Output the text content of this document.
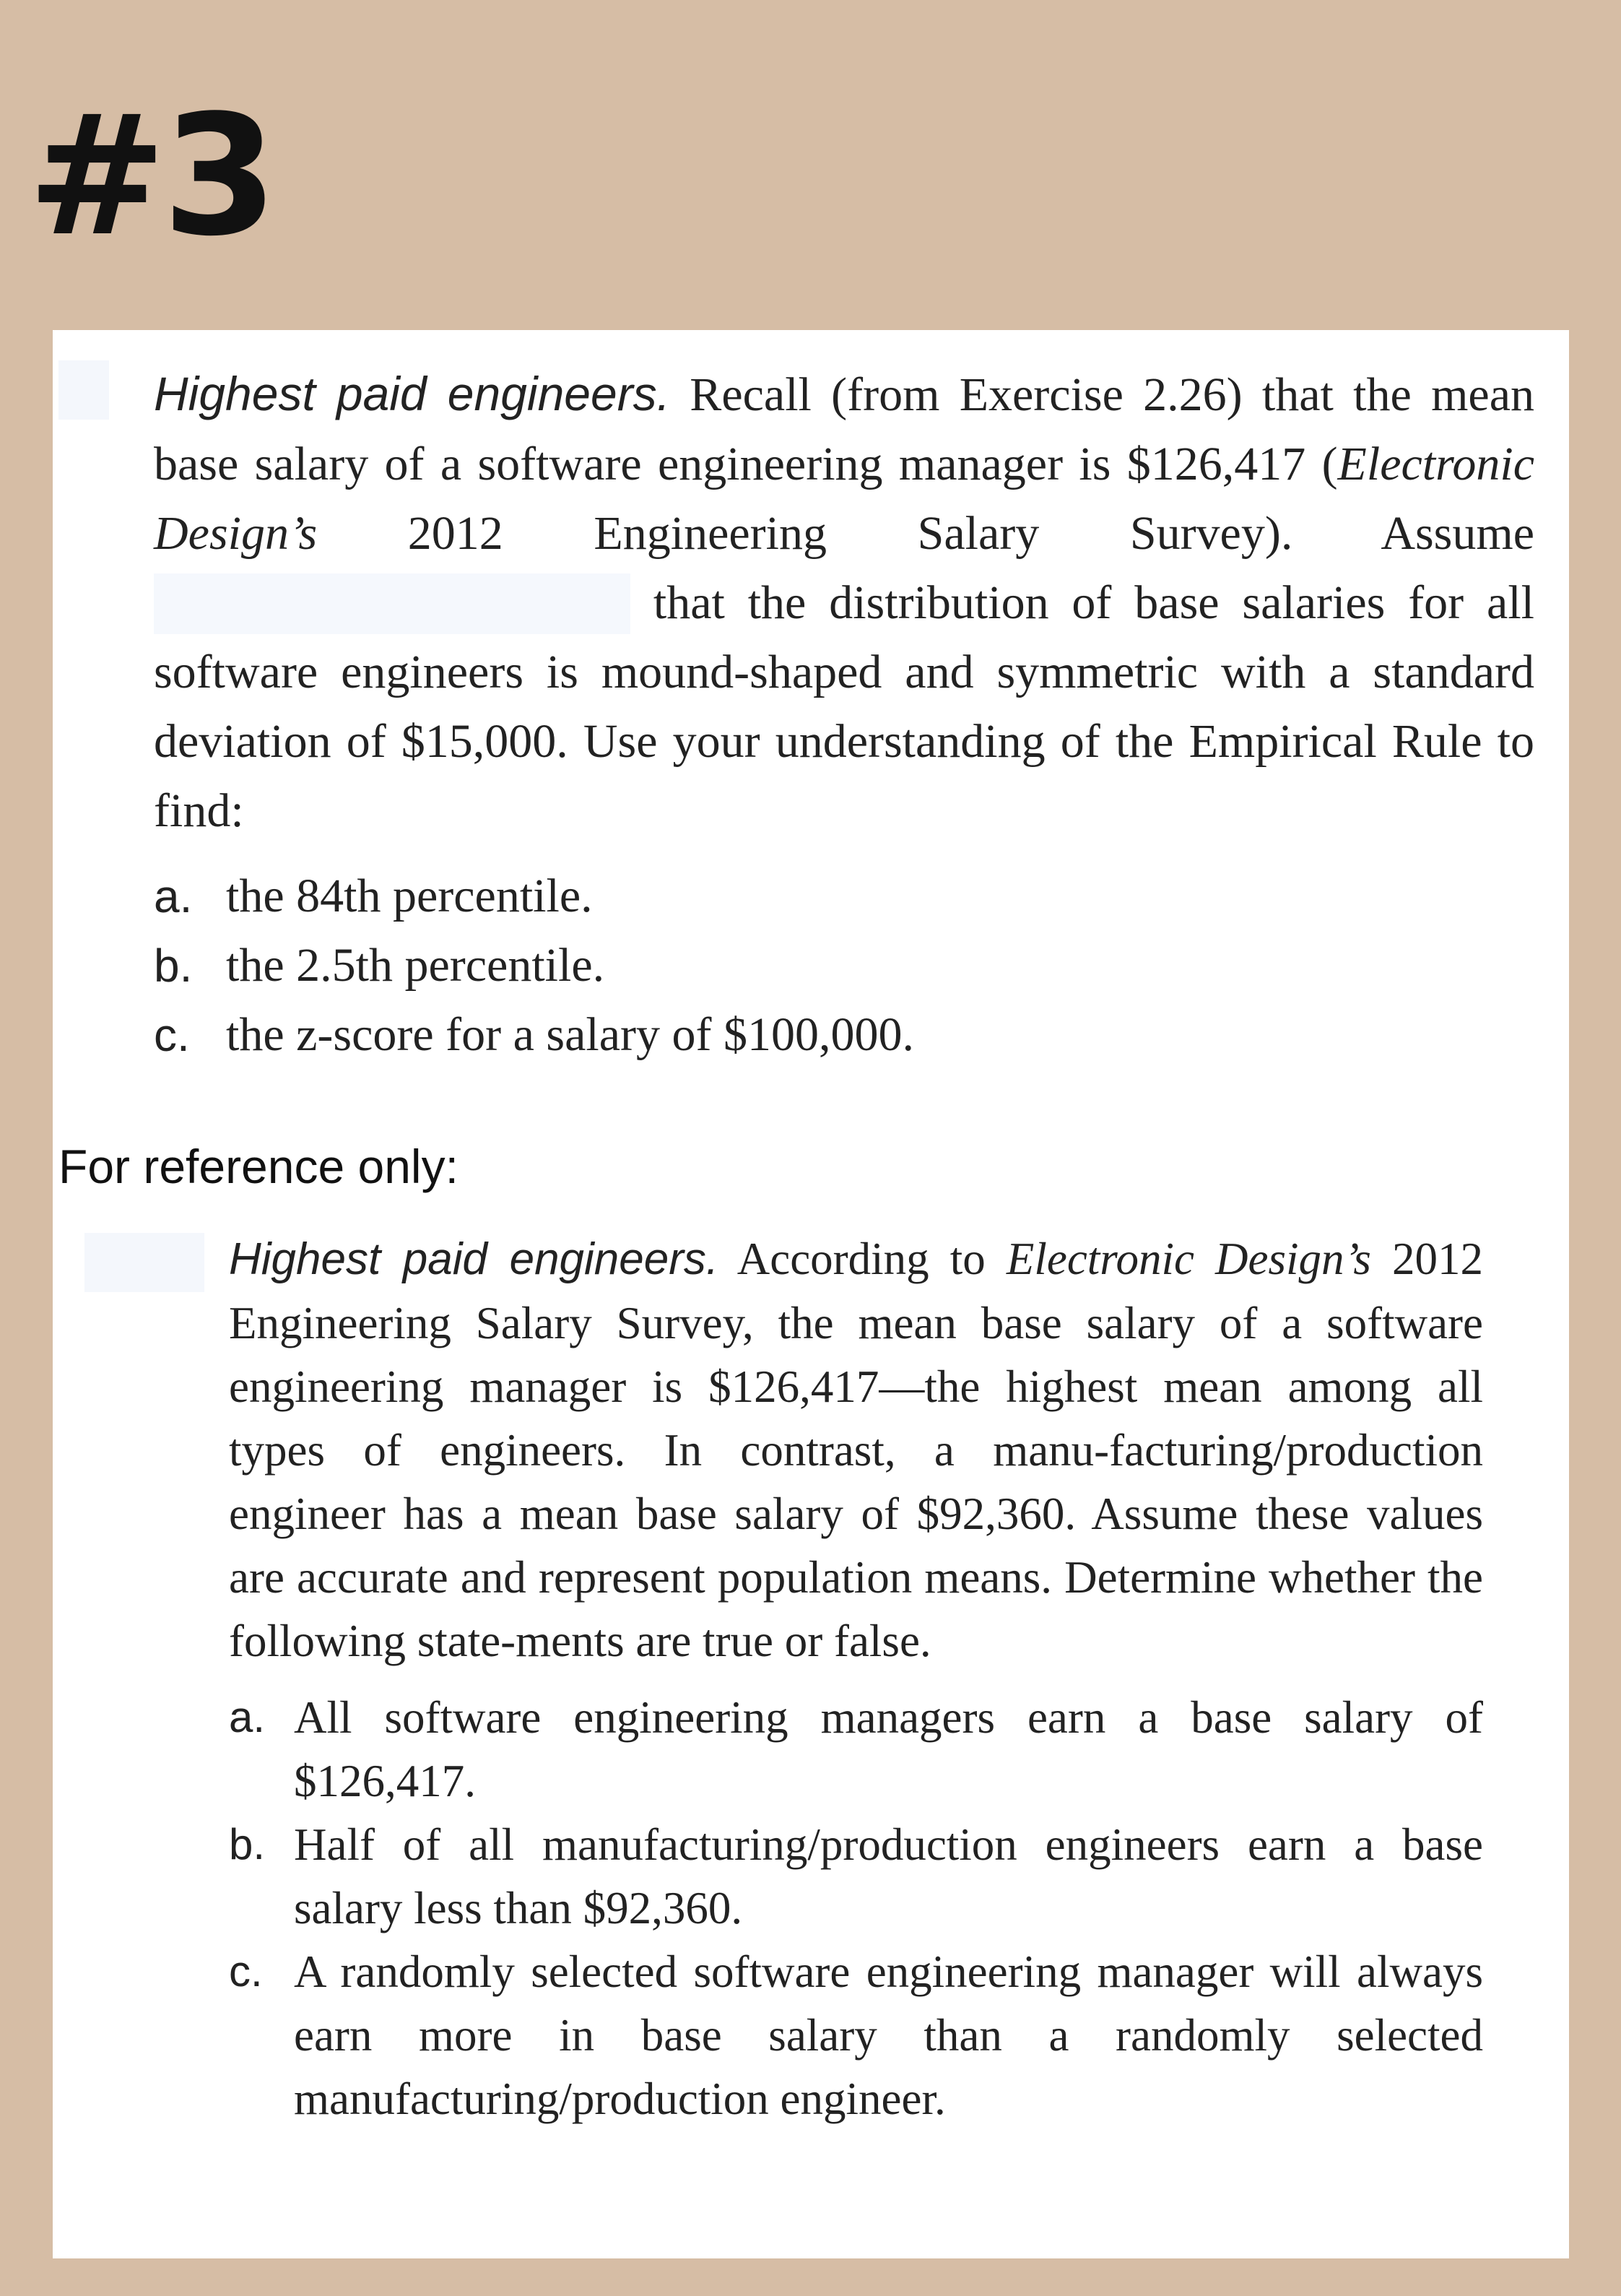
#3

Highest paid engineers. Recall (from Exercise 2.26) that the mean base salary of a software engineering manager is $126,417 (Electronic Design’s 2012 Engineering Salary Survey). Assume  that the distribution of base salaries for all software engineers is mound-shaped and symmetric with a standard deviation of $15,000. Use your understanding of the Empirical Rule to find:

a. the 84th percentile.
b. the 2.5th percentile.
c. the z-score for a salary of $100,000.
For reference only:

Highest paid engineers. According to Electronic Design’s 2012 Engineering Salary Survey, the mean base salary of a software engineering manager is $126,417—the highest mean among all types of engineers. In contrast, a manu-facturing/production engineer has a mean base salary of $92,360. Assume these values are accurate and represent population means. Determine whether the following state-ments are true or false.

a. All software engineering managers earn a base salary of $126,417.
b. Half of all manufacturing/production engineers earn a base salary less than $92,360.
c. A randomly selected software engineering manager will always earn more in base salary than a randomly selected manufacturing/production engineer.
